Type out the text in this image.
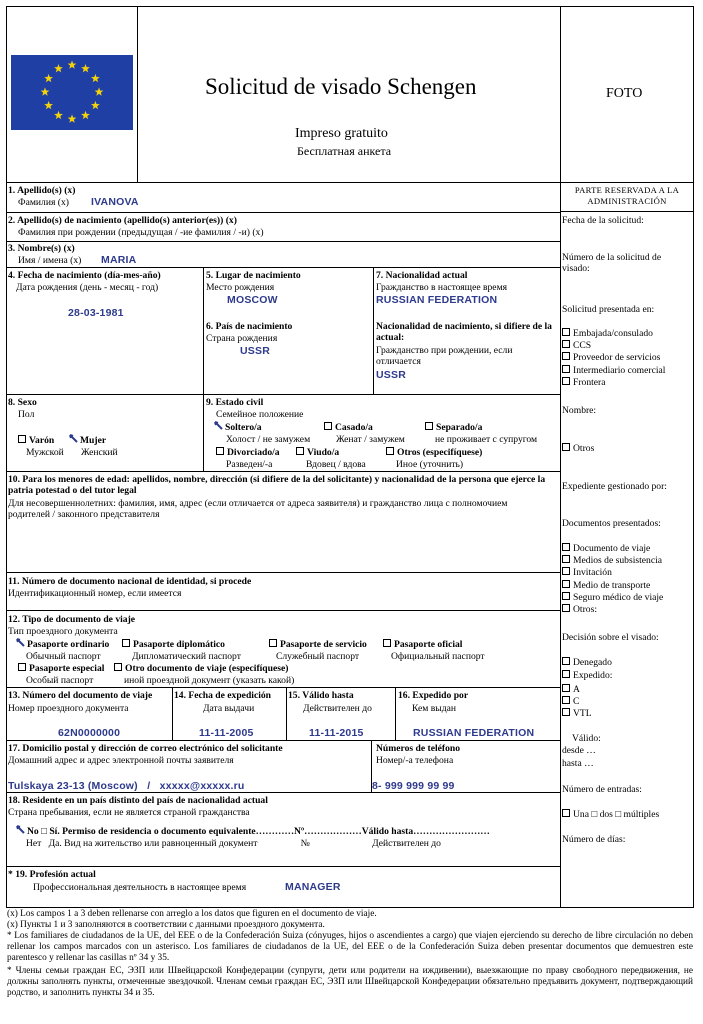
Solicitud de visado Schengen
Impreso gratuito
Бесплатная анкета
FOTO
1. Apellido(s) (x)
Фамилия (x) IVANOVA
2. Apellido(s) de nacimiento (apellido(s) anterior(es)) (x)
Фамилия при рождении (предыдущая / -ие фамилия / -и) (x)
3. Nombre(s) (x)
Имя / имена (x) MARIA
4. Fecha de nacimiento (día-mes-año)
Дата рождения (день - месяц - год)
28-03-1981
5. Lugar de nacimiento
Место рождения
MOSCOW
6. País de nacimiento
Страна рождения
USSR
7. Nacionalidad actual
Гражданство в настоящее время
RUSSIAN FEDERATION
Nacionalidad de nacimiento, si difiere de la actual:
Гражданство при рождении, если отличается
USSR
8. Sexo
Пол
Varón	Mujer
Мужской Женский
9. Estado civil
Семейное положение
Soltero/a
Холост / не замужем
Casado/a
Женат / замужем
Separado/a
не проживает с супругом
Divorciado/a
Разведен/-а
Viudo/a
Вдовец / вдова
Otros (especifíquese)
Иное (уточнить)
10. Para los menores de edad: apellidos, nombre, dirección (si difiere de la del solicitante) y nacionalidad de la persona que ejerce la patria potestad o del tutor legal
Для несовершеннолетних: фамилия, имя, адрес (если отличается от адреса заявителя) и гражданство лица с полномочием родителей / законного представителя
11. Número de documento nacional de identidad, si procede
Идентификационный номер, если имеется
12. Tipo de documento de viaje
Тип проездного документа
Pasaporte ordinario
Обычный паспорт
Pasaporte diplomático
Дипломатический паспорт
Pasaporte de servicio
Служебный паспорт
Pasaporte oficial
Официальный паспорт
Pasaporte especial
Особый паспорт
Otro documento de viaje (especifíquese)
иной проездной документ (указать какой)
13. Número del documento de viaje
Номер проездного документа
62N0000000
14. Fecha de expedición
Дата выдачи
11-11-2005
15. Válido hasta
Действителен до
11-11-2015
16. Expedido por
Кем выдан
RUSSIAN FEDERATION
17. Domicilio postal y dirección de correo electrónico del solicitante
Домашний адрес и адрес электронной почты заявителя
Tulskaya 23-13 (Moscow)   /   xxxxx@xxxxx.ru
Números de teléfono
Номер/-а телефона
8- 999 999 99 99
18. Residente en un país distinto del país de nacionalidad actual
Страна пребывания, если не является страной гражданства
No □ Sí. Permiso de residencia o documento equivalente…………Nº………………Válido hasta……………………
Нет   Да. Вид на жительство или равноценный документ                  №                          Действителен до
* 19. Profesión actual
Профессиональная деятельность в настоящее время	MANAGER
PARTE RESERVADA A LA ADMINISTRACIÓN
Fecha de la solicitud:
Número de la solicitud de visado:
Solicitud presentada en:
Embajada/consulado
CCS
Proveedor de servicios
Intermediario comercial
Frontera
Nombre:
Otros
Expediente gestionado por:
Documentos presentados:
Documento de viaje
Medios de subsistencia
Invitación
Medio de transporte
Seguro médico de viaje
Otros:
Decisión sobre el visado:
Denegado
Expedido:
A
C
VTL
Válido:
desde …
hasta …
Número de entradas:
Una □ dos □ múltiples
Número de días:
(x) Los campos 1 a 3 deben rellenarse con arreglo a los datos que figuren en el documento de viaje.
(x) Пункты 1 и 3 заполняются в соответствии с данными проездного документа.
* Los familiares de ciudadanos de la UE, del EEE o de la Confederación Suiza (cónyuges, hijos o ascendientes a cargo) que viajen ejerciendo su derecho de libre circulación no deben rellenar los campos marcados con un asterisco. Los familiares de ciudadanos de la UE, del EEE o de la Confederación Suiza deben presentar documentos que demuestren este parentesco y rellenar las casillas nº 34 y 35.
* Члены семьи граждан ЕС, ЭЗП или Швейцарской Конфедерации (супруги, дети или родители на иждивении), выезжающие по праву свободного передвижения, не должны заполнять пункты, отмеченные звездочкой. Членам семьи граждан ЕС, ЭЗП или Швейцарской Конфедерации обязательно предъявить документ, подтверждающий родство, и заполнить пункты 34 и 35.
